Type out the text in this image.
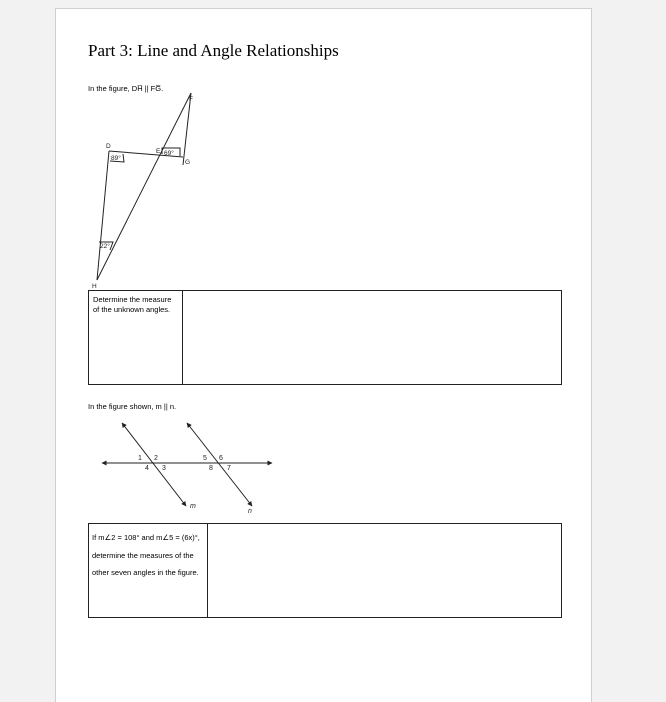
Part 3: Line and Angle Relationships
In the figure, DH̅ || FG̅.
D
E
F
G
H
89°
69°
22°
Determine the measure of the unknown angles.
In the figure shown, m || n.
1 2
3
4
5 6
7
8
m
n
If m∠2 = 108° and m∠5 = (6x)°, determine the measures of the other seven angles in the figure.
